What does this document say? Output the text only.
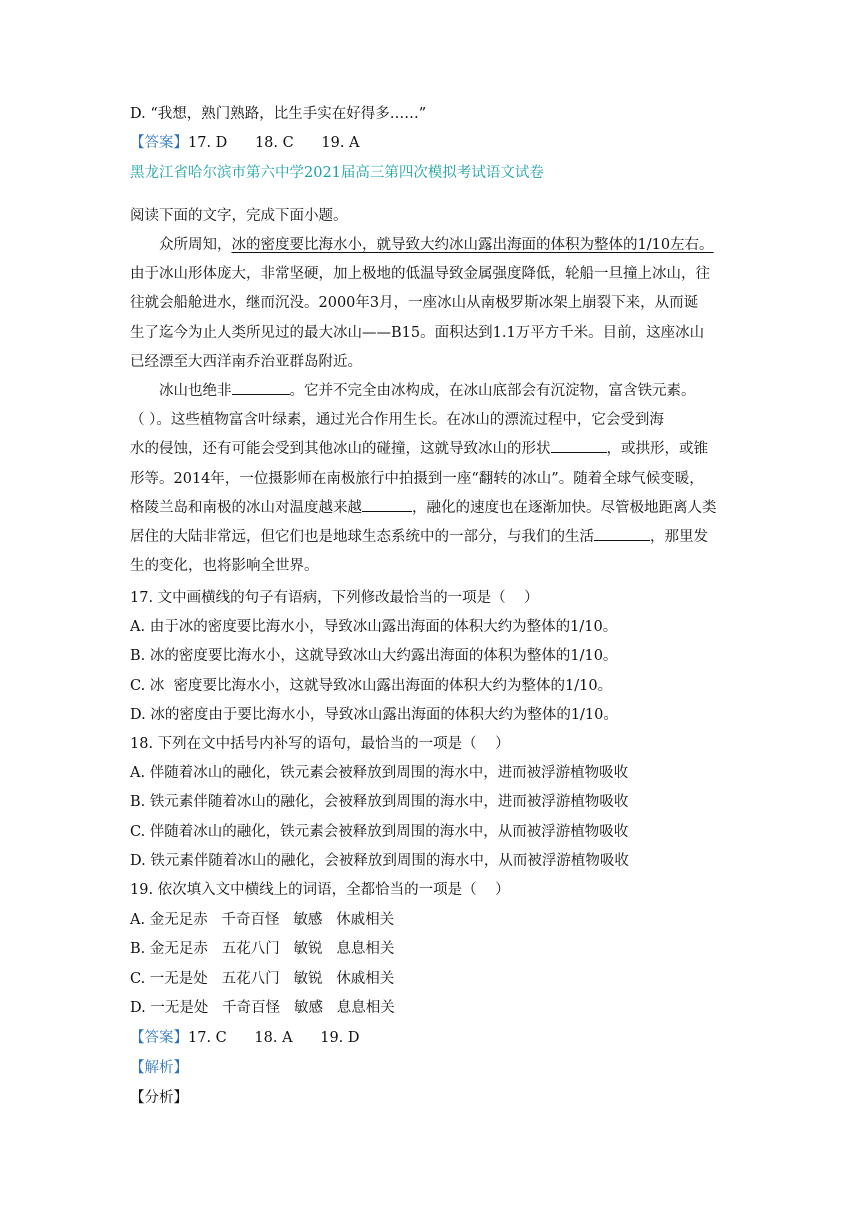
D. “我想，熟门熟路，比生手实在好得多……”
【答案】17. D      18. C      19. A
黑龙江省哈尔滨市第六中学2021届高三第四次模拟考试语文试卷
阅读下面的文字，完成下面小题。

众所周知，冰的密度要比海水小，就导致大约冰山露出海面的体积为整体的1/10左右。

由于冰山形体庞大，非常坚硬，加上极地的低温导致金属强度降低，轮船一旦撞上冰山，往

往就会船舱进水，继而沉没。2000年3月，一座冰山从南极罗斯冰架上崩裂下来，从而诞

生了迄今为止人类所见过的最大冰山——B15。面积达到1.1万平方千米。目前，这座冰山

已经漂至大西洋南乔治亚群岛附近。

冰山也绝非	。它并不完全由冰构成，在冰山底部会有沉淀物，富含铁元素。

（ ）。这些植物富含叶绿素，通过光合作用生长。在冰山的漂流过程中，它会受到海

水的侵蚀，还有可能会受到其他冰山的碰撞，这就导致冰山的形状	，或拱形，或锥

形等。2014年，一位摄影师在南极旅行中拍摄到一座“翻转的冰山”。随着全球气候变暖，

格陵兰岛和南极的冰山对温度越来越	，融化的速度也在逐渐加快。尽管极地距离人类

居住的大陆非常远，但它们也是地球生态系统中的一部分，与我们的生活	，那里发

生的变化，也将影响全世界。

17. 文中画横线的句子有语病，下列修改最恰当的一项是（    ）
A. 由于冰的密度要比海水小，导致冰山露出海面的体积大约为整体的1/10。
B. 冰的密度要比海水小，这就导致冰山大约露出海面的体积为整体的1/10。
C. 冰  密度要比海水小，这就导致冰山露出海面的体积大约为整体的1/10。
D. 冰的密度由于要比海水小，导致冰山露出海面的体积大约为整体的1/10。
18. 下列在文中括号内补写的语句，最恰当的一项是（    ）
A. 伴随着冰山的融化，铁元素会被释放到周围的海水中，进而被浮游植物吸收
B. 铁元素伴随着冰山的融化，会被释放到周围的海水中，进而被浮游植物吸收
C. 伴随着冰山的融化，铁元素会被释放到周围的海水中，从而被浮游植物吸收
D. 铁元素伴随着冰山的融化，会被释放到周围的海水中，从而被浮游植物吸收
19. 依次填入文中横线上的词语，全都恰当的一项是（    ）
A. 金无足赤   千奇百怪   敏感   休戚相关
B. 金无足赤   五花八门   敏锐   息息相关
C. 一无是处   五花八门   敏锐   休戚相关
D. 一无是处   千奇百怪   敏感   息息相关
【答案】17. C      18. A      19. D
【解析】
【分析】
